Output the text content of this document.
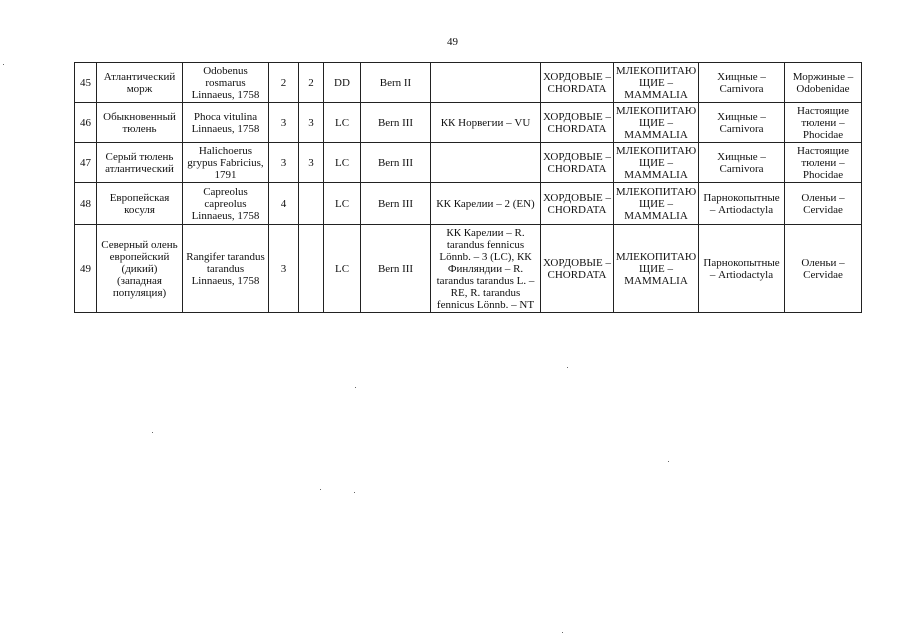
49
45	Атлантический морж	Odobenus rosmarus Linnaeus, 1758	2	2	DD	Bern II		ХОРДОВЫЕ – CHORDATA	МЛЕКОПИТАЮ ЩИЕ – MAMMALIA	Хищные – Carnivora	Моржиные – Odobenidae
46	Обыкновенный тюлень	Phoca vitulina Linnaeus, 1758	3	3	LC	Bern III	КК Норвегии – VU	ХОРДОВЫЕ – CHORDATA	МЛЕКОПИТАЮ ЩИЕ – MAMMALIA	Хищные – Carnivora	Настоящие тюлени – Phocidae
47	Серый тюлень атлантический	Halichoerus grypus Fabricius, 1791	3	3	LC	Bern III		ХОРДОВЫЕ – CHORDATA	МЛЕКОПИТАЮ ЩИЕ – MAMMALIA	Хищные – Carnivora	Настоящие тюлени – Phocidae
48	Европейская косуля	Capreolus capreolus Linnaeus, 1758	4		LC	Bern III	КК Карелии – 2 (EN)	ХОРДОВЫЕ – CHORDATA	МЛЕКОПИТАЮ ЩИЕ – MAMMALIA	Парнокопытные – Artiodactyla	Оленьи – Cervidae
49	Северный олень европейский (дикий) (западная популяция)	Rangifer tarandus tarandus Linnaeus, 1758	3		LC	Bern III	КК Карелии – R. tarandus fennicus Lönnb. – 3 (LC), КК Финляндии – R. tarandus tarandus L. – RE, R. tarandus fennicus Lönnb. – NT	ХОРДОВЫЕ – CHORDATA	МЛЕКОПИТАЮ ЩИЕ – MAMMALIA	Парнокопытные – Artiodactyla	Оленьи – Cervidae
